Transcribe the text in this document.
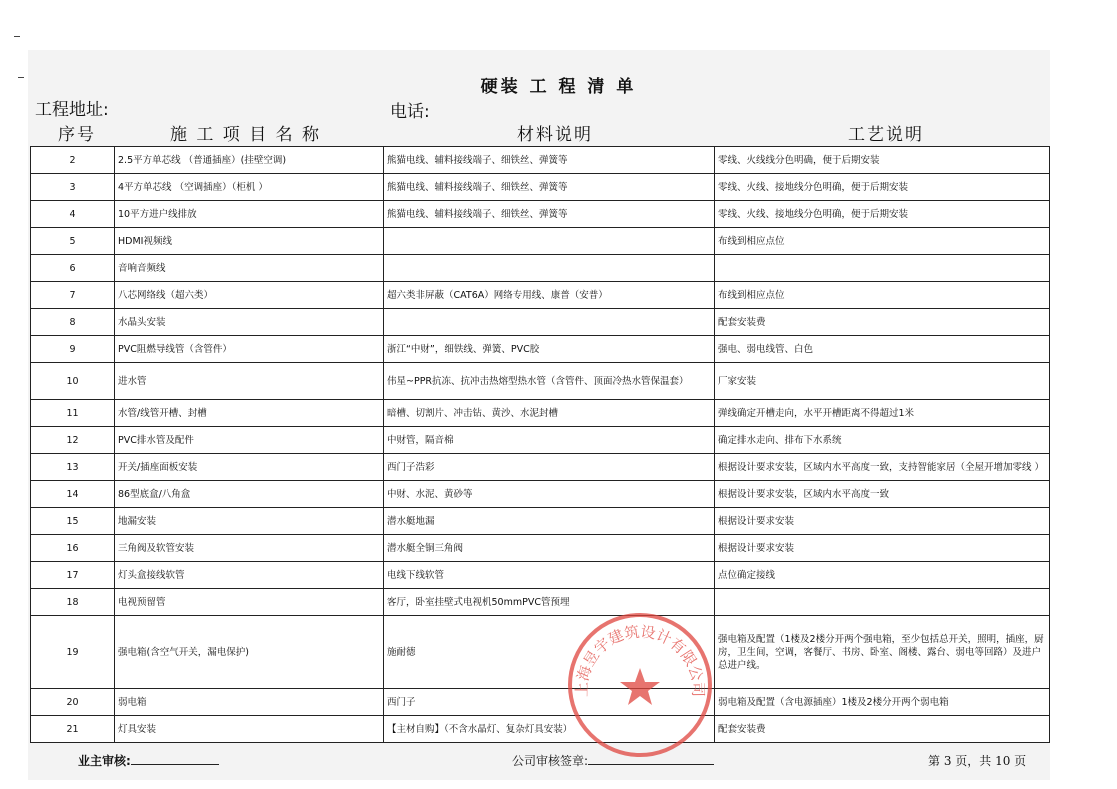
硬装 工 程 清 单
工程地址:	电话:
序号	施 工 项 目 名 称	材料说明	工艺说明
2	2.5平方单芯线 （普通插座）(挂壁空调)	熊猫电线、辅料接线端子、细铁丝、弹簧等	零线、火线线分色明确，便于后期安装
3	4平方单芯线 （空调插座）（柜机 ）	熊猫电线、辅料接线端子、细铁丝、弹簧等	零线、火线、接地线分色明确，便于后期安装
4	10平方进户线排放	熊猫电线、辅料接线端子、细铁丝、弹簧等	零线、火线、接地线分色明确，便于后期安装
5	HDMI视频线		布线到相应点位
6	音响音频线		
7	八芯网络线（超六类）	超六类非屏蔽（CAT6A）网络专用线、康普（安普）	布线到相应点位
8	水晶头安装		配套安装费
9	PVC阻燃导线管（含管件）	浙江“中财”，细铁线、弹簧、PVC胶	强电、弱电线管、白色
10	进水管	伟星~PPR抗冻、抗冲击热熔型热水管（含管件、顶面冷热水管保温套）	厂家安装
11	水管/线管开槽、封槽	暗槽、切割片、冲击钻、黄沙、水泥封槽	弹线确定开槽走向，水平开槽距离不得超过1米
12	PVC排水管及配件	中财管，隔音棉	确定排水走向、排布下水系统
13	开关/插座面板安装	西门子浩彩	根据设计要求安装，区域内水平高度一致，支持智能家居（全屋开增加零线 ）
14	86型底盒/八角盒	中财、水泥、黄砂等	根据设计要求安装，区域内水平高度一致
15	地漏安装	潜水艇地漏	根据设计要求安装
16	三角阀及软管安装	潜水艇全铜三角阀	根据设计要求安装
17	灯头盒接线软管	电线下线软管	点位确定接线
18	电视预留管	客厅，卧室挂壁式电视机50mmPVC管预埋	
19	强电箱(含空气开关，漏电保护)	施耐德	强电箱及配置（1楼及2楼分开两个强电箱，至少包括总开关，照明，插座，厨房，卫生间，空调，客餐厅、书房、卧室、阁楼、露台、弱电等回路）及进户总进户线。
20	弱电箱	西门子	弱电箱及配置（含电源插座）1楼及2楼分开两个弱电箱
21	灯具安装	【主材自购】（不含水晶灯、复杂灯具安装）	配套安装费
上海昱宇建筑设计有限公司
业主审核:	公司审核签章:	第 3 页，共 10 页
